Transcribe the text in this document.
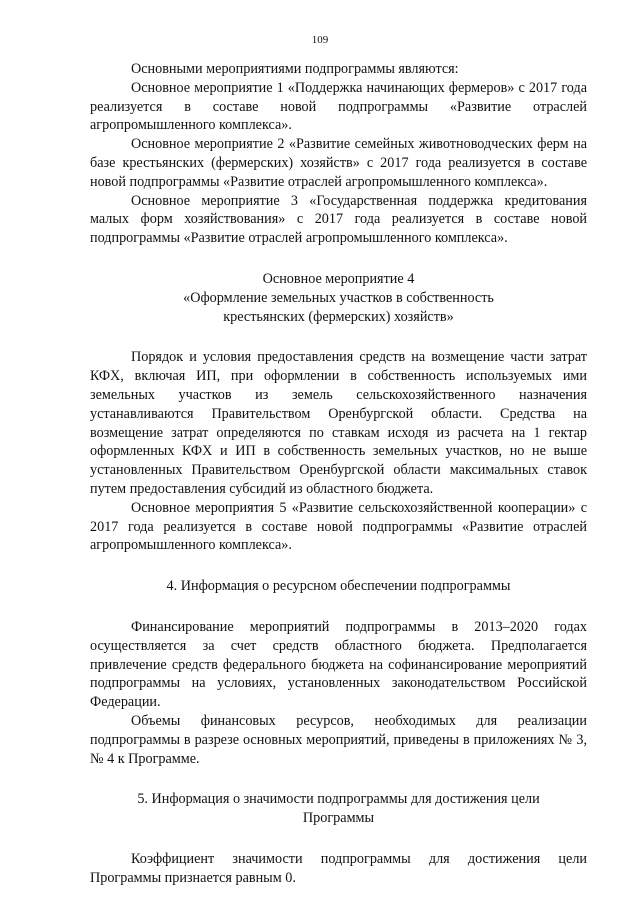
109

Основными мероприятиями подпрограммы являются:

Основное мероприятие 1 «Поддержка начинающих фермеров» с 2017 года реализуется в составе новой подпрограммы «Развитие отраслей агропромышленного комплекса».

Основное мероприятие 2 «Развитие семейных животноводческих ферм на базе крестьянских (фермерских) хозяйств» с 2017 года реализуется в составе новой подпрограммы «Развитие отраслей агропромышленного комплекса».

Основное мероприятие 3 «Государственная поддержка кредитования малых форм хозяйствования» с 2017 года реализуется в составе новой подпрограммы «Развитие отраслей агропромышленного комплекса».

Основное мероприятие 4

«Оформление земельных участков в собственность

крестьянских (фермерских) хозяйств»

Порядок и условия предоставления средств на возмещение части затрат КФХ, включая ИП, при оформлении в собственность используемых ими земельных участков из земель сельскохозяйственного назначения устанавливаются Правительством Оренбургской области. Средства на возмещение затрат определяются по ставкам исходя из расчета на 1 гектар оформленных КФХ и ИП в собственность земельных участков, но не выше установленных Правительством Оренбургской области максимальных ставок путем предоставления субсидий из областного бюджета.

Основное мероприятия 5 «Развитие сельскохозяйственной кооперации» с 2017 года реализуется в составе новой подпрограммы «Развитие отраслей агропромышленного комплекса».

4. Информация о ресурсном обеспечении подпрограммы

Финансирование мероприятий подпрограммы в 2013–2020 годах осуществляется за счет средств областного бюджета. Предполагается привлечение средств федерального бюджета на софинансирование мероприятий подпрограммы на условиях, установленных законодательством Российской Федерации.

Объемы финансовых ресурсов, необходимых для реализации подпрограммы в разрезе основных мероприятий, приведены в приложениях № 3, № 4 к Программе.

5. Информация о значимости подпрограммы для достижения цели

Программы

Коэффициент значимости подпрограммы для достижения цели Программы признается равным 0.
